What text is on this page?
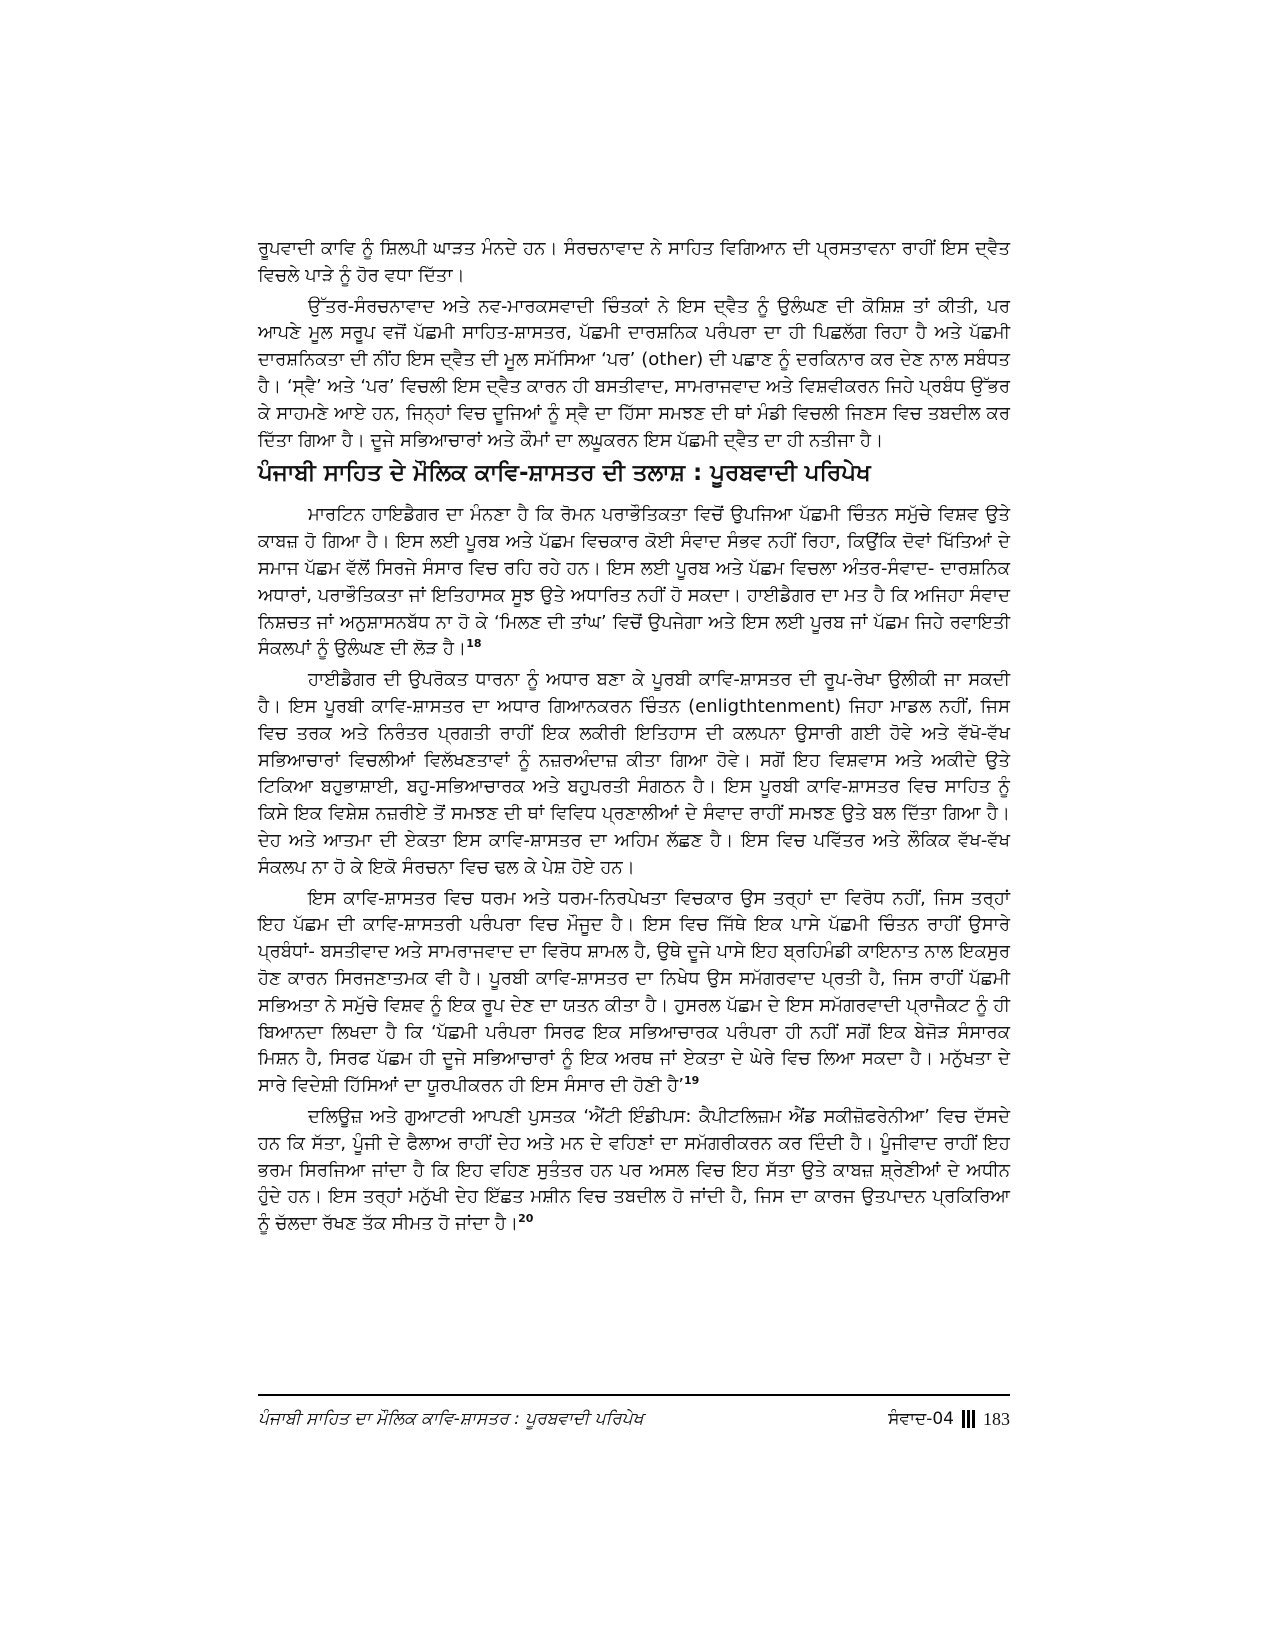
ਰੂਪਵਾਦੀ ਕਾਵਿ ਨੂੰ ਸ਼ਿਲਪੀ ਘਾੜਤ ਮੰਨਦੇ ਹਨ। ਸੰਰਚਨਾਵਾਦ ਨੇ ਸਾਹਿਤ ਵਿਗਿਆਨ ਦੀ ਪ੍ਰਸਤਾਵਨਾ ਰਾਹੀਂ ਇਸ ਦ੍ਵੈਤ ਵਿਚਲੇ ਪਾੜੇ ਨੂੰ ਹੋਰ ਵਧਾ ਦਿੱਤਾ।

ਉੱਤਰ-ਸੰਰਚਨਾਵਾਦ ਅਤੇ ਨਵ-ਮਾਰਕਸਵਾਦੀ ਚਿੰਤਕਾਂ ਨੇ ਇਸ ਦ੍ਵੈਤ ਨੂੰ ਉਲੰਘਣ ਦੀ ਕੋਸ਼ਿਸ਼ ਤਾਂ ਕੀਤੀ, ਪਰ ਆਪਣੇ ਮੂਲ ਸਰੂਪ ਵਜੋਂ ਪੱਛਮੀ ਸਾਹਿਤ-ਸ਼ਾਸਤਰ, ਪੱਛਮੀ ਦਾਰਸ਼ਨਿਕ ਪਰੰਪਰਾ ਦਾ ਹੀ ਪਿਛਲੱਗ ਰਿਹਾ ਹੈ ਅਤੇ ਪੱਛਮੀ ਦਾਰਸ਼ਨਿਕਤਾ ਦੀ ਨੀਂਹ ਇਸ ਦ੍ਵੈਤ ਦੀ ਮੂਲ ਸਮੱਸਿਆ ‘ਪਰ’ (other) ਦੀ ਪਛਾਣ ਨੂੰ ਦਰਕਿਨਾਰ ਕਰ ਦੇਣ ਨਾਲ ਸਬੰਧਤ ਹੈ। ‘ਸ੍ਵੈ’ ਅਤੇ ‘ਪਰ’ ਵਿਚਲੀ ਇਸ ਦ੍ਵੈਤ ਕਾਰਨ ਹੀ ਬਸਤੀਵਾਦ, ਸਾਮਰਾਜਵਾਦ ਅਤੇ ਵਿਸ਼ਵੀਕਰਨ ਜਿਹੇ ਪ੍ਰਬੰਧ ਉੱਭਰ ਕੇ ਸਾਹਮਣੇ ਆਏ ਹਨ, ਜਿਨ੍ਹਾਂ ਵਿਚ ਦੂਜਿਆਂ ਨੂੰ ਸ੍ਵੈ ਦਾ ਹਿੱਸਾ ਸਮਝਣ ਦੀ ਥਾਂ ਮੰਡੀ ਵਿਚਲੀ ਜਿਣਸ ਵਿਚ ਤਬਦੀਲ ਕਰ ਦਿੱਤਾ ਗਿਆ ਹੈ। ਦੂਜੇ ਸਭਿਆਚਾਰਾਂ ਅਤੇ ਕੌਮਾਂ ਦਾ ਲਘੂਕਰਨ ਇਸ ਪੱਛਮੀ ਦ੍ਵੈਤ ਦਾ ਹੀ ਨਤੀਜਾ ਹੈ।

ਪੰਜਾਬੀ ਸਾਹਿਤ ਦੇ ਮੌਲਿਕ ਕਾਵਿ-ਸ਼ਾਸਤਰ ਦੀ ਤਲਾਸ਼ : ਪੂਰਬਵਾਦੀ ਪਰਿਪੇਖ

ਮਾਰਟਿਨ ਹਾਇਡੈਗਰ ਦਾ ਮੰਨਣਾ ਹੈ ਕਿ ਰੋਮਨ ਪਰਾਭੌਤਿਕਤਾ ਵਿਚੋਂ ਉਪਜਿਆ ਪੱਛਮੀ ਚਿੰਤਨ ਸਮੁੱਚੇ ਵਿਸ਼ਵ ਉਤੇ ਕਾਬਜ਼ ਹੋ ਗਿਆ ਹੈ। ਇਸ ਲਈ ਪੂਰਬ ਅਤੇ ਪੱਛਮ ਵਿਚਕਾਰ ਕੋਈ ਸੰਵਾਦ ਸੰਭਵ ਨਹੀਂ ਰਿਹਾ, ਕਿਉਂਕਿ ਦੋਵਾਂ ਖਿੱਤਿਆਂ ਦੇ ਸਮਾਜ ਪੱਛਮ ਵੱਲੋਂ ਸਿਰਜੇ ਸੰਸਾਰ ਵਿਚ ਰਹਿ ਰਹੇ ਹਨ। ਇਸ ਲਈ ਪੂਰਬ ਅਤੇ ਪੱਛਮ ਵਿਚਲਾ ਅੰਤਰ-ਸੰਵਾਦ- ਦਾਰਸ਼ਨਿਕ ਅਧਾਰਾਂ, ਪਰਾਭੌਤਿਕਤਾ ਜਾਂ ਇਤਿਹਾਸਕ ਸੂਝ ਉਤੇ ਅਧਾਰਿਤ ਨਹੀਂ ਹੋ ਸਕਦਾ। ਹਾਈਡੈਗਰ ਦਾ ਮਤ ਹੈ ਕਿ ਅਜਿਹਾ ਸੰਵਾਦ ਨਿਸ਼ਚਤ ਜਾਂ ਅਨੁਸ਼ਾਸਨਬੱਧ ਨਾ ਹੋ ਕੇ ‘ਮਿਲਣ ਦੀ ਤਾਂਘ’ ਵਿਚੋਂ ਉਪਜੇਗਾ ਅਤੇ ਇਸ ਲਈ ਪੂਰਬ ਜਾਂ ਪੱਛਮ ਜਿਹੇ ਰਵਾਇਤੀ ਸੰਕਲਪਾਂ ਨੂੰ ਉਲੰਘਣ ਦੀ ਲੋੜ ਹੈ।$^{18}$

ਹਾਈਡੈਗਰ ਦੀ ਉਪਰੋਕਤ ਧਾਰਨਾ ਨੂੰ ਅਧਾਰ ਬਣਾ ਕੇ ਪੂਰਬੀ ਕਾਵਿ-ਸ਼ਾਸਤਰ ਦੀ ਰੂਪ-ਰੇਖਾ ਉਲੀਕੀ ਜਾ ਸਕਦੀ ਹੈ। ਇਸ ਪੂਰਬੀ ਕਾਵਿ-ਸ਼ਾਸਤਰ ਦਾ ਅਧਾਰ ਗਿਆਨਕਰਨ ਚਿੰਤਨ (enligthtenment) ਜਿਹਾ ਮਾਡਲ ਨਹੀਂ, ਜਿਸ ਵਿਚ ਤਰਕ ਅਤੇ ਨਿਰੰਤਰ ਪ੍ਰਗਤੀ ਰਾਹੀਂ ਇਕ ਲਕੀਰੀ ਇਤਿਹਾਸ ਦੀ ਕਲਪਨਾ ਉਸਾਰੀ ਗਈ ਹੋਵੇ ਅਤੇ ਵੱਖੋ-ਵੱਖ ਸਭਿਆਚਾਰਾਂ ਵਿਚਲੀਆਂ ਵਿਲੱਖਣਤਾਵਾਂ ਨੂੰ ਨਜ਼ਰਅੰਦਾਜ਼ ਕੀਤਾ ਗਿਆ ਹੋਵੇ। ਸਗੋਂ ਇਹ ਵਿਸ਼ਵਾਸ ਅਤੇ ਅਕੀਦੇ ਉਤੇ ਟਿਕਿਆ ਬਹੁਭਾਸ਼ਾਈ, ਬਹੁ-ਸਭਿਆਚਾਰਕ ਅਤੇ ਬਹੁਪਰਤੀ ਸੰਗਠਨ ਹੈ। ਇਸ ਪੂਰਬੀ ਕਾਵਿ-ਸ਼ਾਸਤਰ ਵਿਚ ਸਾਹਿਤ ਨੂੰ ਕਿਸੇ ਇਕ ਵਿਸ਼ੇਸ਼ ਨਜ਼ਰੀਏ ਤੋਂ ਸਮਝਣ ਦੀ ਥਾਂ ਵਿਵਿਧ ਪ੍ਰਣਾਲੀਆਂ ਦੇ ਸੰਵਾਦ ਰਾਹੀਂ ਸਮਝਣ ਉਤੇ ਬਲ ਦਿੱਤਾ ਗਿਆ ਹੈ। ਦੇਹ ਅਤੇ ਆਤਮਾ ਦੀ ਏਕਤਾ ਇਸ ਕਾਵਿ-ਸ਼ਾਸਤਰ ਦਾ ਅਹਿਮ ਲੱਛਣ ਹੈ। ਇਸ ਵਿਚ ਪਵਿੱਤਰ ਅਤੇ ਲੌਕਿਕ ਵੱਖ-ਵੱਖ ਸੰਕਲਪ ਨਾ ਹੋ ਕੇ ਇਕੋ ਸੰਰਚਨਾ ਵਿਚ ਢਲ ਕੇ ਪੇਸ਼ ਹੋਏ ਹਨ।

ਇਸ ਕਾਵਿ-ਸ਼ਾਸਤਰ ਵਿਚ ਧਰਮ ਅਤੇ ਧਰਮ-ਨਿਰਪੇਖਤਾ ਵਿਚਕਾਰ ਉਸ ਤਰ੍ਹਾਂ ਦਾ ਵਿਰੋਧ ਨਹੀਂ, ਜਿਸ ਤਰ੍ਹਾਂ ਇਹ ਪੱਛਮ ਦੀ ਕਾਵਿ-ਸ਼ਾਸਤਰੀ ਪਰੰਪਰਾ ਵਿਚ ਮੌਜੂਦ ਹੈ। ਇਸ ਵਿਚ ਜਿੱਥੇ ਇਕ ਪਾਸੇ ਪੱਛਮੀ ਚਿੰਤਨ ਰਾਹੀਂ ਉਸਾਰੇ ਪ੍ਰਬੰਧਾਂ- ਬਸਤੀਵਾਦ ਅਤੇ ਸਾਮਰਾਜਵਾਦ ਦਾ ਵਿਰੋਧ ਸ਼ਾਮਲ ਹੈ, ਉਥੇ ਦੂਜੇ ਪਾਸੇ ਇਹ ਬ੍ਰਹਿਮੰਡੀ ਕਾਇਨਾਤ ਨਾਲ ਇਕਸੁਰ ਹੋਣ ਕਾਰਨ ਸਿਰਜਣਾਤਮਕ ਵੀ ਹੈ। ਪੂਰਬੀ ਕਾਵਿ-ਸ਼ਾਸਤਰ ਦਾ ਨਿਖੇਧ ਉਸ ਸਮੱਗਰਵਾਦ ਪ੍ਰਤੀ ਹੈ, ਜਿਸ ਰਾਹੀਂ ਪੱਛਮੀ ਸਭਿਅਤਾ ਨੇ ਸਮੁੱਚੇ ਵਿਸ਼ਵ ਨੂੰ ਇਕ ਰੂਪ ਦੇਣ ਦਾ ਯਤਨ ਕੀਤਾ ਹੈ। ਹੁਸਰਲ ਪੱਛਮ ਦੇ ਇਸ ਸਮੱਗਰਵਾਦੀ ਪ੍ਰਾਜੈਕਟ ਨੂੰ ਹੀ ਬਿਆਨਦਾ ਲਿਖਦਾ ਹੈ ਕਿ ‘ਪੱਛਮੀ ਪਰੰਪਰਾ ਸਿਰਫ ਇਕ ਸਭਿਆਚਾਰਕ ਪਰੰਪਰਾ ਹੀ ਨਹੀਂ ਸਗੋਂ ਇਕ ਬੇਜੋੜ ਸੰਸਾਰਕ ਮਿਸ਼ਨ ਹੈ, ਸਿਰਫ ਪੱਛਮ ਹੀ ਦੂਜੇ ਸਭਿਆਚਾਰਾਂ ਨੂੰ ਇਕ ਅਰਥ ਜਾਂ ਏਕਤਾ ਦੇ ਘੇਰੇ ਵਿਚ ਲਿਆ ਸਕਦਾ ਹੈ। ਮਨੁੱਖਤਾ ਦੇ ਸਾਰੇ ਵਿਦੇਸ਼ੀ ਹਿੱਸਿਆਂ ਦਾ ਯੂਰਪੀਕਰਨ ਹੀ ਇਸ ਸੰਸਾਰ ਦੀ ਹੋਣੀ ਹੈ’$^{19}$

ਦਲਿਊਜ਼ ਅਤੇ ਗੁਆਟਰੀ ਆਪਣੀ ਪੁਸਤਕ ‘ਐਂਟੀ ਇੰਡੀਪਸ: ਕੈਪੀਟਲਿਜ਼ਮ ਐਂਡ ਸਕੀਜ਼ੋਫਰੇਨੀਆ’ ਵਿਚ ਦੱਸਦੇ ਹਨ ਕਿ ਸੱਤਾ, ਪੂੰਜੀ ਦੇ ਫੈਲਾਅ ਰਾਹੀਂ ਦੇਹ ਅਤੇ ਮਨ ਦੇ ਵਹਿਣਾਂ ਦਾ ਸਮੱਗਰੀਕਰਨ ਕਰ ਦਿੰਦੀ ਹੈ। ਪੂੰਜੀਵਾਦ ਰਾਹੀਂ ਇਹ ਭਰਮ ਸਿਰਜਿਆ ਜਾਂਦਾ ਹੈ ਕਿ ਇਹ ਵਹਿਣ ਸੁਤੰਤਰ ਹਨ ਪਰ ਅਸਲ ਵਿਚ ਇਹ ਸੱਤਾ ਉਤੇ ਕਾਬਜ਼ ਸ਼੍ਰੇਣੀਆਂ ਦੇ ਅਧੀਨ ਹੁੰਦੇ ਹਨ। ਇਸ ਤਰ੍ਹਾਂ ਮਨੁੱਖੀ ਦੇਹ ਇੱਛਤ ਮਸ਼ੀਨ ਵਿਚ ਤਬਦੀਲ ਹੋ ਜਾਂਦੀ ਹੈ, ਜਿਸ ਦਾ ਕਾਰਜ ਉਤਪਾਦਨ ਪ੍ਰਕਿਰਿਆ ਨੂੰ ਚੱਲਦਾ ਰੱਖਣ ਤੱਕ ਸੀਮਤ ਹੋ ਜਾਂਦਾ ਹੈ।$^{20}$

ਪੰਜਾਬੀ ਸਾਹਿਤ ਦਾ ਮੌਲਿਕ ਕਾਵਿ-ਸ਼ਾਸਤਰ : ਪੂਰਬਵਾਦੀ ਪਰਿਪੇਖ	ਸੰਵਾਦ-04 183
